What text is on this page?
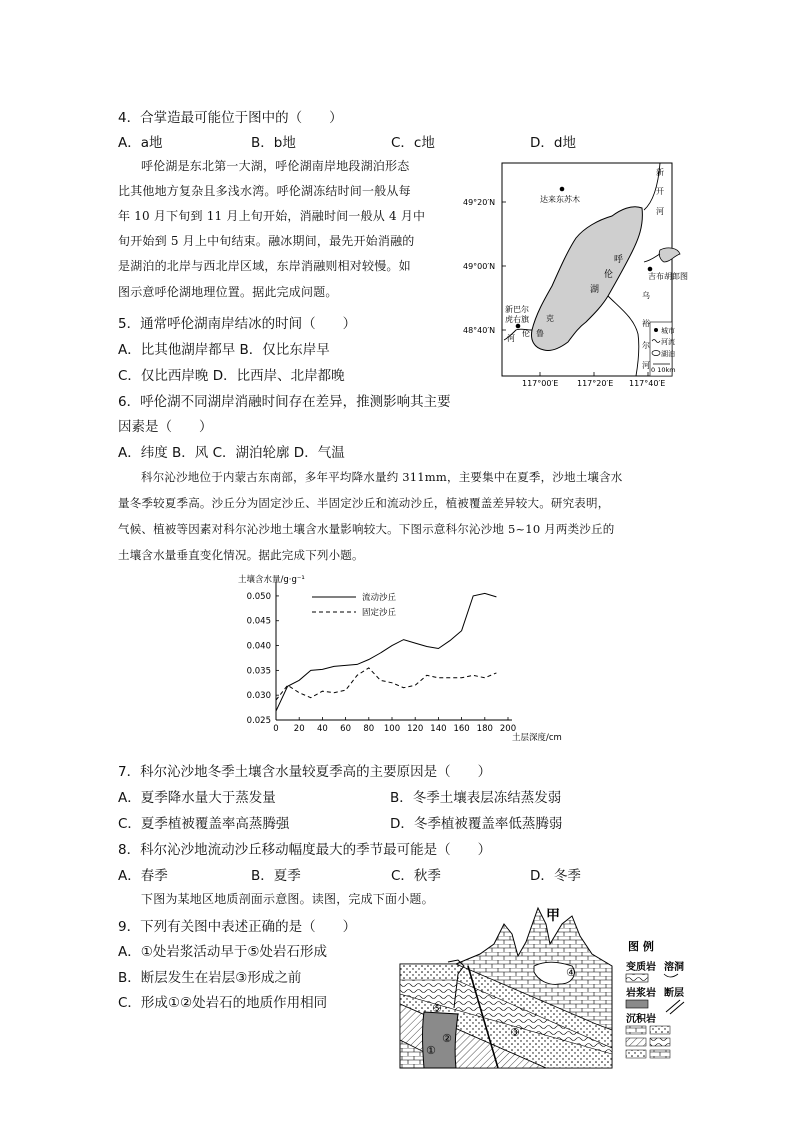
4．合掌造最可能位于图中的（　　）
A．a地	B．b地	C．c地	D．d地
呼伦湖是东北第一大湖，呼伦湖南岸地段湖泊形态
比其他地方复杂且多浅水湾。呼伦湖冻结时间一般从每
年 10 月下旬到 11 月上旬开始，消融时间一般从 4 月中
旬开始到 5 月上中旬结束。融冰期间，最先开始消融的
是湖泊的北岸与西北岸区域，东岸消融则相对较慢。如
图示意呼伦湖地理位置。据此完成问题。
49°20′N
49°00′N
48°40′N
117°00′E 117°20′E 117°40′E
达来东苏木
吉布胡郎图
新巴尔
虎右旗
呼
伦
湖
新
开
河
乌
裕
尔
河
克
鲁
伦
河
城市
河流
湖泊
0 10km
5．通常呼伦湖南岸结冰的时间（　　）
A．比其他湖岸都早 B．仅比东岸早
C．仅比西岸晚 D．比西岸、北岸都晚
6．呼伦湖不同湖岸消融时间存在差异，推测影响其主要
因素是（　　）
A．纬度 B．风 C．湖泊轮廓 D．气温
科尔沁沙地位于内蒙古东南部，多年平均降水量约 311mm，主要集中在夏季，沙地土壤含水
量冬季较夏季高。沙丘分为固定沙丘、半固定沙丘和流动沙丘，植被覆盖差异较大。研究表明，
气候、植被等因素对科尔沁沙地土壤含水量影响较大。下图示意科尔沁沙地 5~10 月两类沙丘的
土壤含水量垂直变化情况。据此完成下列小题。
土壤含水量/g·g⁻¹
0.025
0.030
0.035
0.040
0.045
0.050
0 20 40 60 80 100 120 140 160 180 200
流动沙丘
固定沙丘
土层深度/cm
7．科尔沁沙地冬季土壤含水量较夏季高的主要原因是（　　）
A．夏季降水量大于蒸发量	B．冬季土壤表层冻结蒸发弱
C．夏季植被覆盖率高蒸腾强	D．冬季植被覆盖率低蒸腾弱
8．科尔沁沙地流动沙丘移动幅度最大的季节最可能是（　　）
A．春季	B．夏季	C．秋季	D．冬季
下图为某地区地质剖面示意图。读图，完成下面小题。
9．下列有关图中表述正确的是（　　）
A．①处岩浆活动早于⑤处岩石形成
B．断层发生在岩层③形成之前
C．形成①②处岩石的地质作用相同
甲
①
②	③
④
⑤
图 例
变质岩 溶洞
岩浆岩 断层
沉积岩
